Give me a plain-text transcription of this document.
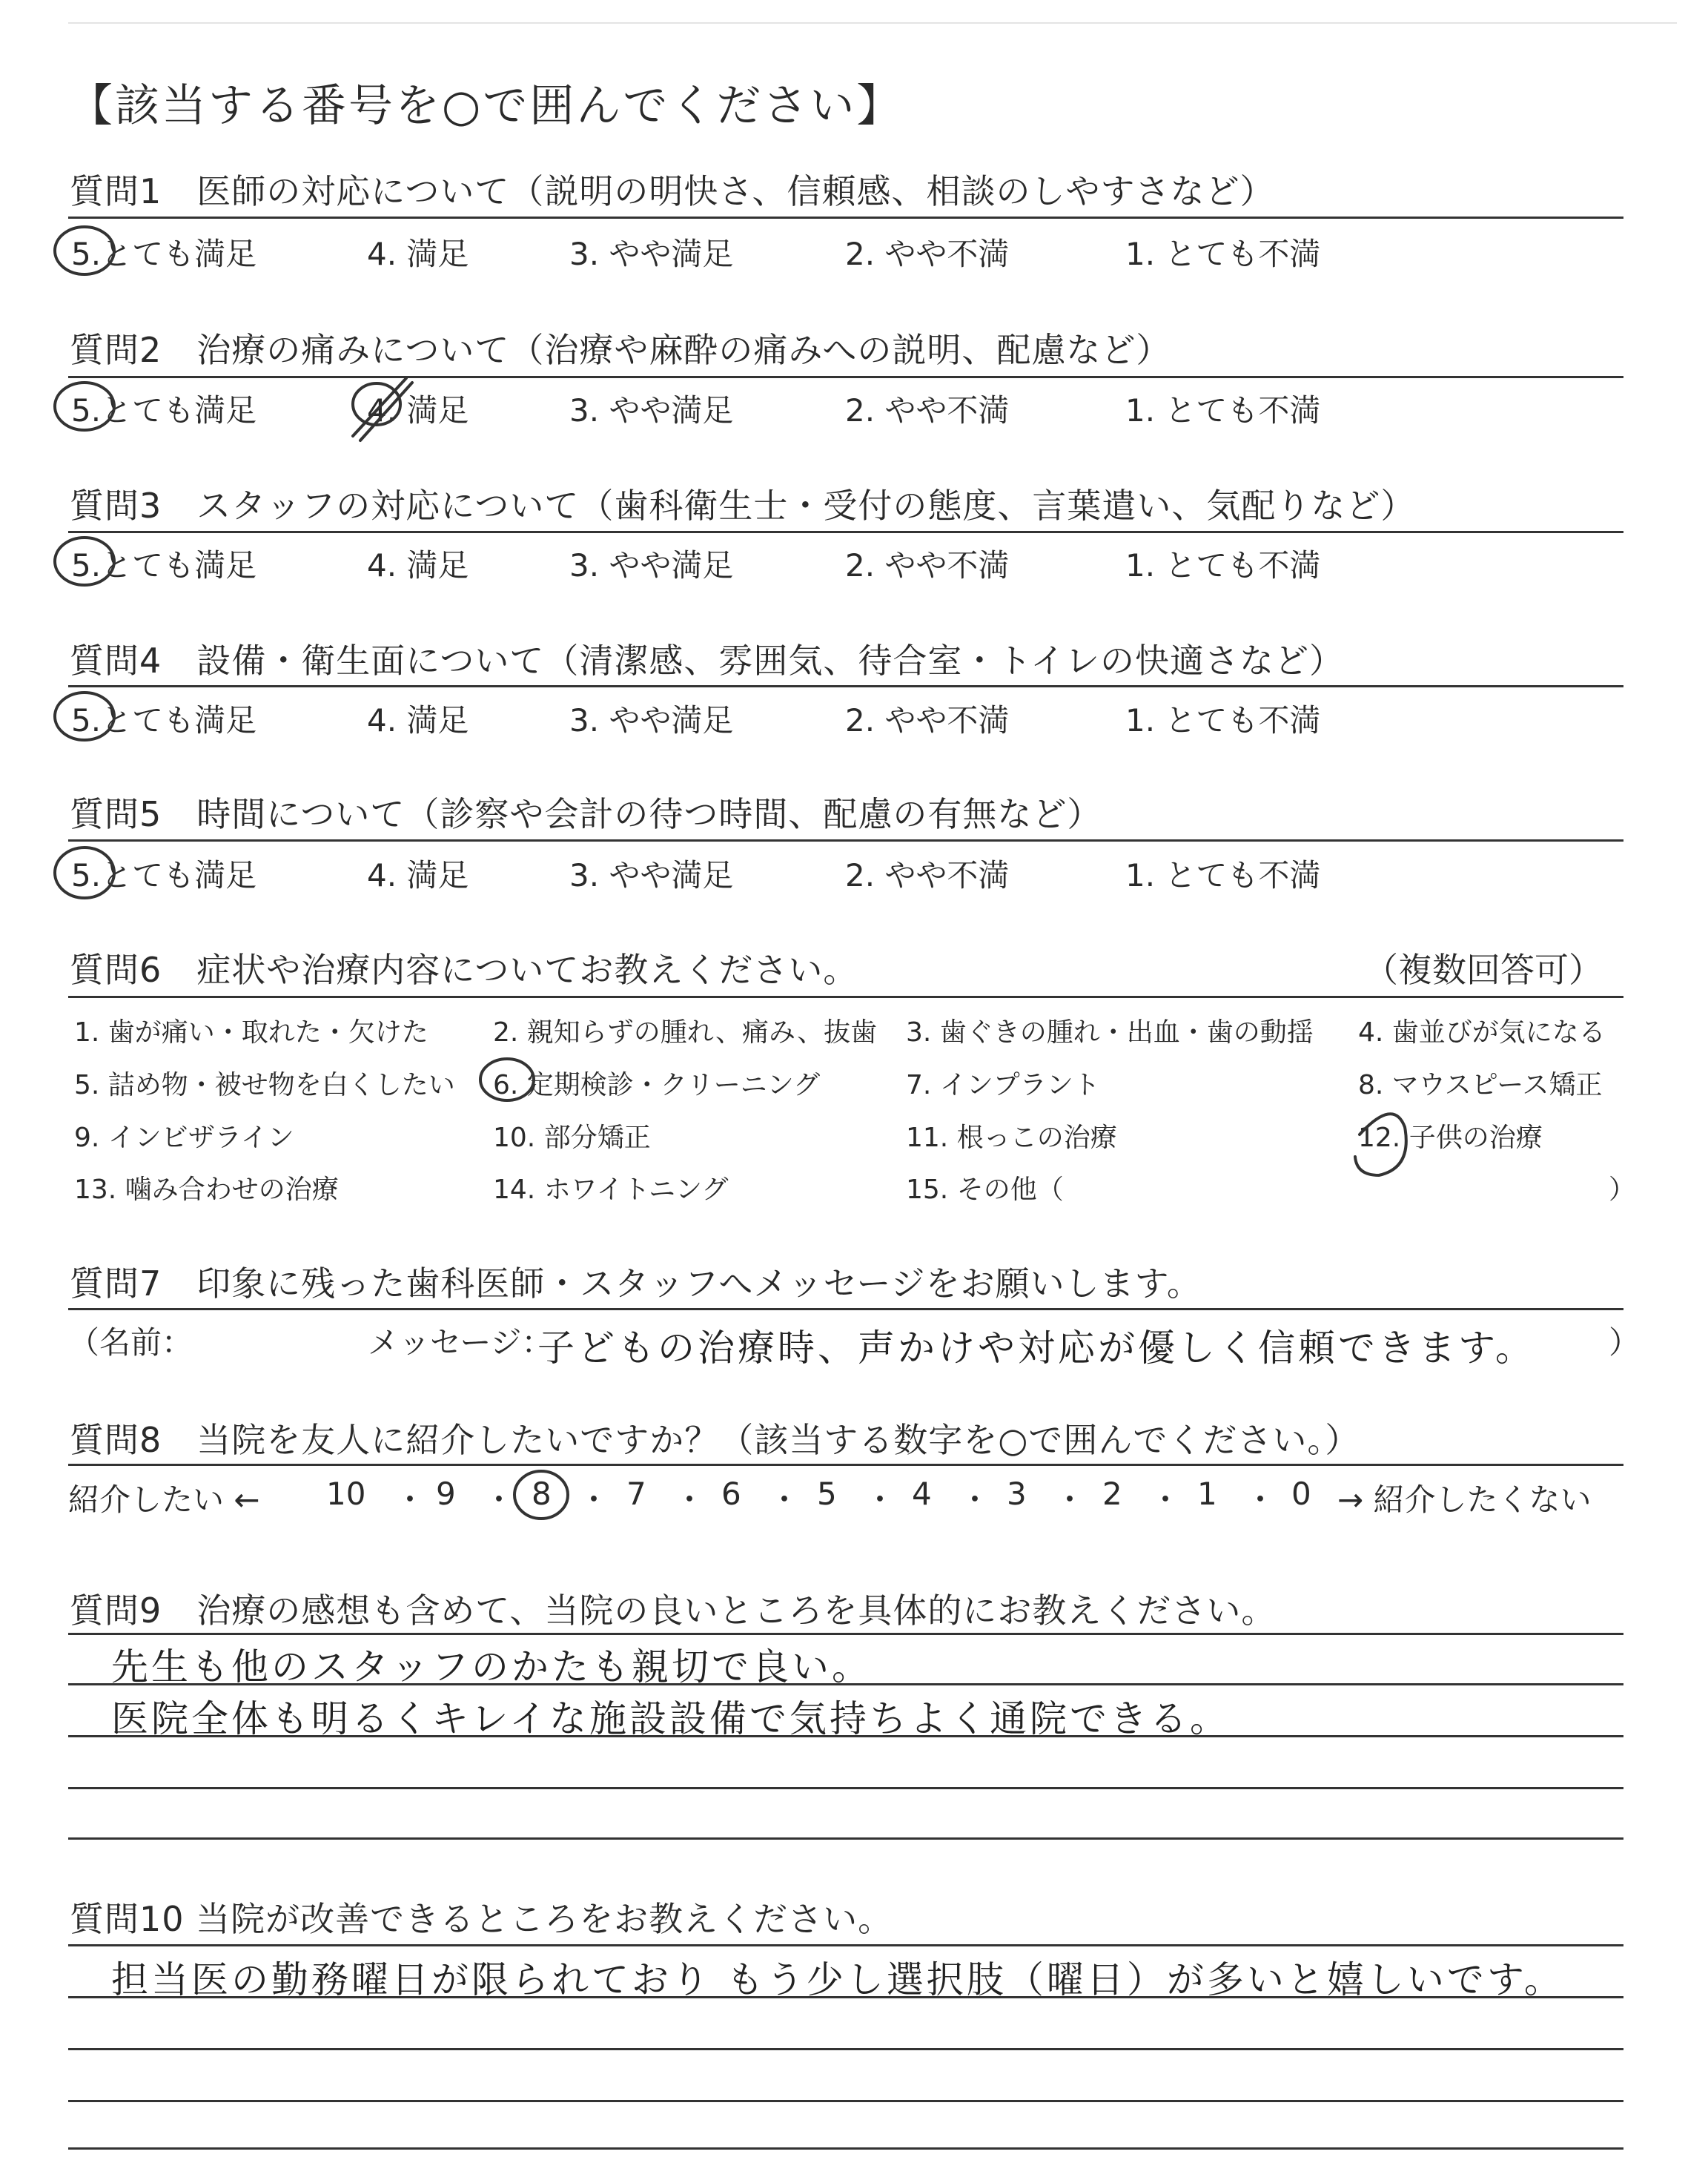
【該当する番号を○で囲んでください】
質問1　医師の対応について（説明の明快さ、信頼感、相談のしやすさなど）
質問2　治療の痛みについて（治療や麻酔の痛みへの説明、配慮など）
質問3　スタッフの対応について（歯科衛生士・受付の態度、言葉遣い、気配りなど）
質問4　設備・衛生面について（清潔感、雰囲気、待合室・トイレの快適さなど）
質問5　時間について（診察や会計の待つ時間、配慮の有無など）
5.とても満足	4. 満足	3. やや満足	2. やや不満	1. とても不満
5.とても満足	4. 満足	3. やや満足	2. やや不満	1. とても不満
5.とても満足	4. 満足	3. やや満足	2. やや不満	1. とても不満
5.とても満足	4. 満足	3. やや満足	2. やや不満	1. とても不満
5.とても満足	4. 満足	3. やや満足	2. やや不満	1. とても不満
質問6　症状や治療内容についてお教えください。	（複数回答可）
1. 歯が痛い・取れた・欠けた 2. 親知らずの腫れ、痛み、抜歯 3. 歯ぐきの腫れ・出血・歯の動揺 4. 歯並びが気になる
5. 詰め物・被せ物を白くしたい 6. 定期検診・クリーニング	7. インプラント	8. マウスピース矯正
9. インビザライン	10. 部分矯正	11. 根っこの治療	12. 子供の治療
13. 噛み合わせの治療	14. ホワイトニング	15. その他（	）
質問7　印象に残った歯科医師・スタッフへメッセージをお願いします。
（名前：	メッセージ：
子どもの治療時、声かけや対応が優しく信頼できます。 ）
質問8　当院を友人に紹介したいですか？（該当する数字を○で囲んでください。）
紹介したい ←	→ 紹介したくない
10 9 8 7 6 5 4 3 2 1 0
・ ・ ・ ・ ・ ・ ・ ・ ・ ・
質問9　治療の感想も含めて、当院の良いところを具体的にお教えください。
先生も他のスタッフのかたも親切で良い。
医院全体も明るくキレイな施設設備で気持ちよく通院できる。
質問10 当院が改善できるところをお教えください。
担当医の勤務曜日が限られており もう少し選択肢（曜日）が多いと嬉しいです。
